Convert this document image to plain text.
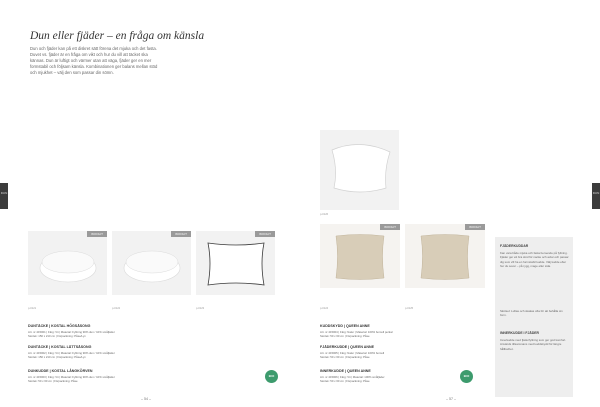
DUN
Dun eller fjäder – en fråga om känsla
Dun och fjäder kan på ett diskret sätt förena det mjuka och det fasta. Duvet vs. fjäder är en fråga om vikt och hur du vill att täcket ska kännas. Dun är luftigt och värmer utan att väga, fjäder ger en mer formstabil och följsam känsla. Kombinationen ger balans mellan stöd och mjukhet – välj den som passar din sömn.
WOOLIT	WOOLIT	WOOLIT
p-0121	p-0122	p-0123
DUNTÄCKE | KOSTAL HÖGSÄSONG
Art. nr 415001 | Färg: Vit | Material: Fyllning 90% dun / 10% småfjäder
Storlek: 150 x 210 cm | Förpackning: Påse/Lyx
DUNTÄCKE | KOSTAL LÄTTSÄSONG
Art. nr 415002 | Färg: Vit | Material: Fyllning 90% dun / 10% småfjäder
Storlek: 150 x 210 cm | Förpackning: Påse/Lyx
DUNKUDDE | KOSTAL LÅNGKÖRVEN
Art. nr 415003 | Färg: Vit | Material: Fyllning 90% dun / 10% småfjäder
Storlek: 50 x 60 cm | Förpackning: Påse
ECO
– 54 –
DUN
p-0126
WOOLIT	WOOLIT
p-0124	p-0125
KUDDSKYDD | QUEEN ANNE
Art. nr 415004 | Färg: Natur | Material: 100% bomull perkal
Storlek: 50 x 60 cm | Förpackning: Påse
FJÄDERKUDDE | QUEEN ANNE
Art. nr 415005 | Färg: Natur | Material: 100% bomull
Storlek: 50 x 60 cm | Förpackning: Påse
INNERKUDDE | QUEEN ANNE
Art. nr 415006 | Färg: Vit | Material: 100% småfjäder
Storlek: 50 x 60 cm | Förpackning: Påse
ECO
– 57 –
FJÄDERKUDDAR
Kan vara både mjuka och fasta beroende på fyllning. Fjäder ger ett bra stöd för nacke och axlar och passar dig som vill ha en formstabil kudde. Välj kudde efter hur du sover – på rygg, mage eller sida.
Skötsel: Luftas och skakas ofta för att behålla sin form.
INNERKUDDE I FJÄDER
Innerkudde med fjäderfyllning som ger god komfort. Används tillsammans med kuddskydd för längre hållbarhet.
